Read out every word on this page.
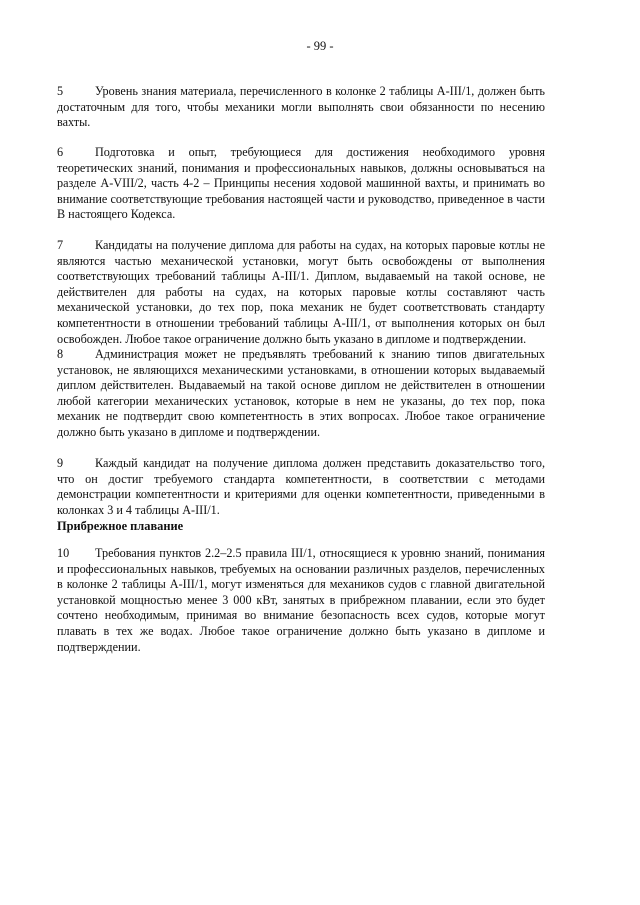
- 99 -
5	Уровень знания материала, перечисленного в колонке 2 таблицы A-III/1, должен быть достаточным для того, чтобы механики могли выполнять свои обязанности по несению вахты.
6	Подготовка и опыт, требующиеся для достижения необходимого уровня теоретических знаний, понимания и профессиональных навыков, должны основываться на разделе A-VIII/2, часть 4-2 – Принципы несения ходовой машинной вахты, и принимать во внимание соответствующие требования настоящей части и руководство, приведенное в части B настоящего Кодекса.
7	Кандидаты на получение диплома для работы на судах, на которых паровые котлы не являются частью механической установки, могут быть освобождены от выполнения соответствующих требований таблицы A-III/1. Диплом, выдаваемый на такой основе, не действителен для работы на судах, на которых паровые котлы составляют часть механической установки, до тех пор, пока механик не будет соответствовать стандарту компетентности в отношении требований таблицы A-III/1, от выполнения которых он был освобожден. Любое такое ограничение должно быть указано в дипломе и подтверждении.
8	Администрация может не предъявлять требований к знанию типов двигательных установок, не являющихся механическими установками, в отношении которых выдаваемый диплом действителен. Выдаваемый на такой основе диплом не действителен в отношении любой категории механических установок, которые в нем не указаны, до тех пор, пока механик не подтвердит свою компетентность в этих вопросах. Любое такое ограничение должно быть указано в дипломе и подтверждении.
9	Каждый кандидат на получение диплома должен представить доказательство того, что он достиг требуемого стандарта компетентности, в соответствии с методами демонстрации компетентности и критериями для оценки компетентности, приведенными в колонках 3 и 4 таблицы A-III/1.
Прибрежное плавание
10 Требования пунктов 2.2–2.5 правила III/1, относящиеся к уровню знаний, понимания и профессиональных навыков, требуемых на основании различных разделов, перечисленных в колонке 2 таблицы A-III/1, могут изменяться для механиков судов с главной двигательной установкой мощностью менее 3 000 кВт, занятых в прибрежном плавании, если это будет сочтено необходимым, принимая во внимание безопасность всех судов, которые могут плавать в тех же водах. Любое такое ограничение должно быть указано в дипломе и подтверждении.
